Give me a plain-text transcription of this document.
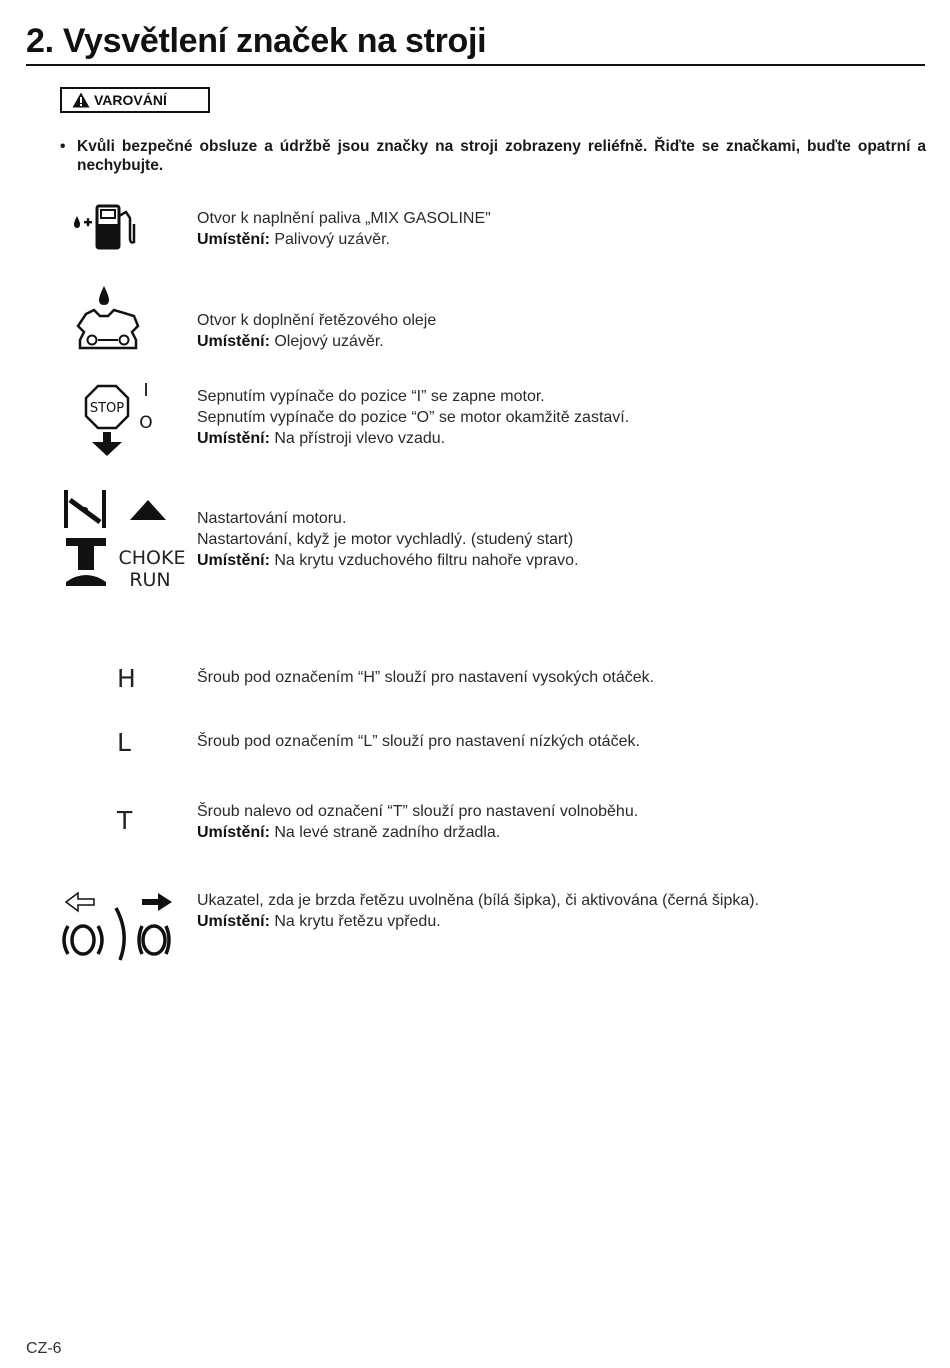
2. Vysvětlení značek na stroji
VAROVÁNÍ
• Kvůli bezpečné obsluze a údržbě jsou značky na stroji zobrazeny reliéfně. Řiďte se značkami, buďte opatrní a nechybujte.
Otvor k naplnění paliva „MIX GASOLINE"
Umístění: Palivový uzávěr.
Otvor k doplnění řetězového oleje
Umístění: Olejový uzávěr.
STOP
I
O
Sepnutím vypínače do pozice “I” se zapne motor.
Sepnutím vypínače do pozice “O” se motor okamžitě zastaví.
Umístění: Na přístroji vlevo vzadu.
CHOKE
RUN
Nastartování motoru.
Nastartování, když je motor vychladlý. (studený start)
Umístění: Na krytu vzduchového filtru nahoře vpravo.
H	Šroub pod označením “H” slouží pro nastavení vysokých otáček.
L	Šroub pod označením “L” slouží pro nastavení nízkých otáček.
T	Šroub nalevo od označení “T” slouží pro nastavení volnoběhu.
Umístění: Na levé straně zadního držadla.
Ukazatel, zda je brzda řetězu uvolněna (bílá šipka), či aktivována (černá šipka).
Umístění: Na krytu řetězu vpředu.
CZ-6
